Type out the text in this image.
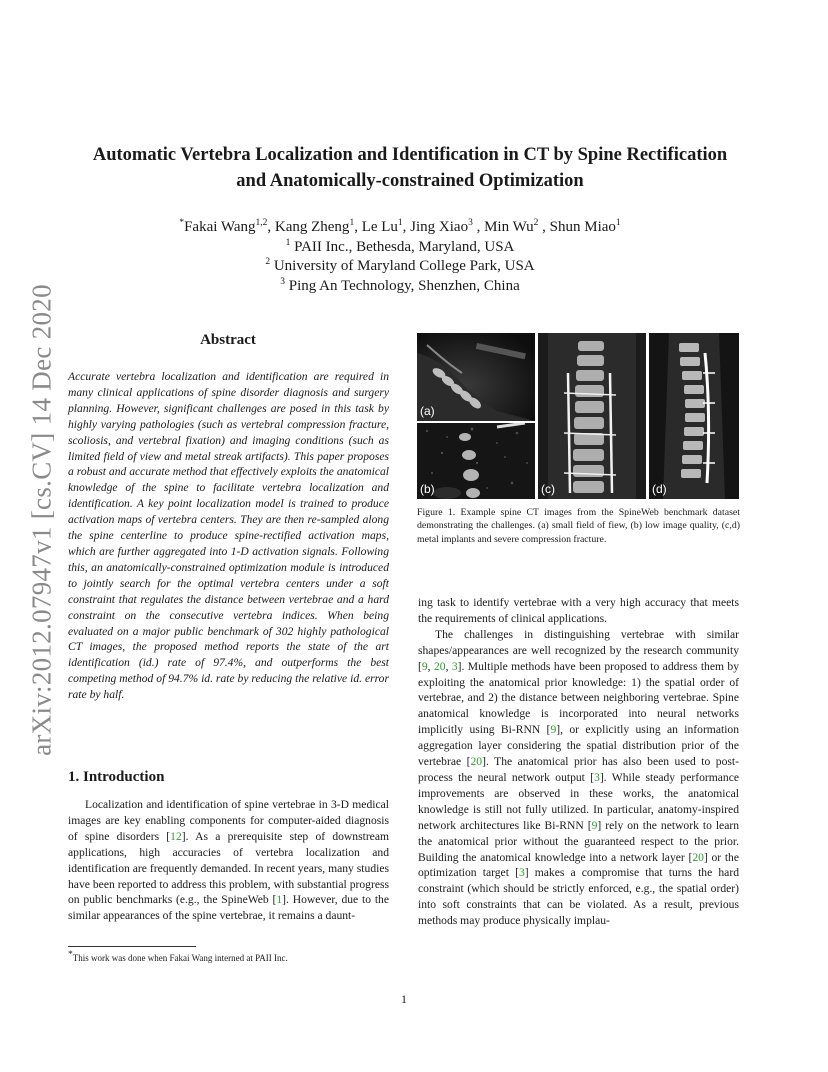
arXiv:2012.07947v1 [cs.CV] 14 Dec 2020
Automatic Vertebra Localization and Identification in CT by Spine Rectification
and Anatomically-constrained Optimization
*Fakai Wang$^{1,2}$, Kang Zheng$^1$, Le Lu$^1$, Jing Xiao$^3$ , Min Wu$^2$ , Shun Miao$^1$
$^1$ PAII Inc., Bethesda, Maryland, USA
$^2$ University of Maryland College Park, USA
$^3$ Ping An Technology, Shenzhen, China
Abstract
Accurate vertebra localization and identification are required in many clinical applications of spine disorder diagnosis and surgery planning. However, significant challenges are posed in this task by highly varying pathologies (such as vertebral compression fracture, scoliosis, and vertebral fixation) and imaging conditions (such as limited field of view and metal streak artifacts). This paper proposes a robust and accurate method that effectively exploits the anatomical knowledge of the spine to facilitate vertebra localization and identification. A key point localization model is trained to produce activation maps of vertebra centers. They are then re-sampled along the spine centerline to produce spine-rectified activation maps, which are further aggregated into 1-D activation signals. Following this, an anatomically-constrained optimization module is introduced to jointly search for the optimal vertebra centers under a soft constraint that regulates the distance between vertebrae and a hard constraint on the consecutive vertebra indices. When being evaluated on a major public benchmark of 302 highly pathological CT images, the proposed method reports the state of the art identification (id.) rate of 97.4%, and outperforms the best competing method of 94.7% id. rate by reducing the relative id. error rate by half.
1. Introduction
Localization and identification of spine vertebrae in 3-D medical images are key enabling components for computer-aided diagnosis of spine disorders [12]. As a prerequisite step of downstream applications, high accuracies of vertebra localization and identification are frequently demanded. In recent years, many studies have been reported to address this problem, with substantial progress on public benchmarks (e.g., the SpineWeb [1]. However, due to the similar appearances of the spine vertebrae, it remains a daunt-
*This work was done when Fakai Wang interned at PAII Inc.
(a)
(b)	(c)	(d)
Figure 1. Example spine CT images from the SpineWeb benchmark dataset demonstrating the challenges. (a) small field of fiew, (b) low image quality, (c,d) metal implants and severe compression fracture.

ing task to identify vertebrae with a very high accuracy that meets the requirements of clinical applications.

The challenges in distinguishing vertebrae with similar shapes/appearances are well recognized by the research community [9, 20, 3]. Multiple methods have been proposed to address them by exploiting the anatomical prior knowledge: 1) the spatial order of vertebrae, and 2) the distance between neighboring vertebrae. Spine anatomical knowledge is incorporated into neural networks implicitly using Bi-RNN [9], or explicitly using an information aggregation layer considering the spatial distribution prior of the vertebrae [20]. The anatomical prior has also been used to post-process the neural network output [3]. While steady performance improvements are observed in these works, the anatomical knowledge is still not fully utilized. In particular, anatomy-inspired network architectures like Bi-RNN [9] rely on the network to learn the anatomical prior without the guaranteed respect to the prior. Building the anatomical knowledge into a network layer [20] or the optimization target [3] makes a compromise that turns the hard constraint (which should be strictly enforced, e.g., the spatial order) into soft constraints that can be violated. As a result, previous methods may produce physically implau-

1
